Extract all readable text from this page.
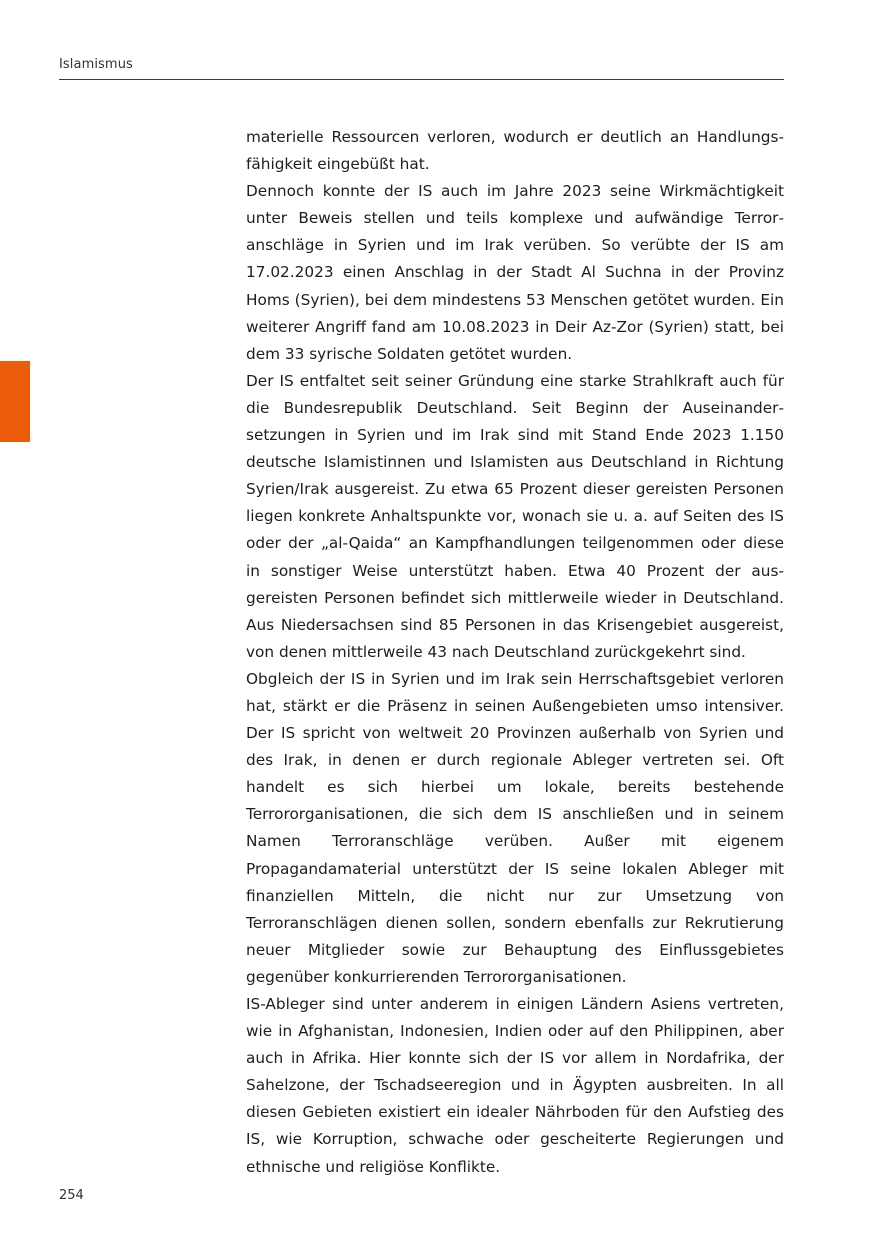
Islamismus

materielle Ressourcen verloren, wodurch er deutlich an Handlungsfähigkeit eingebüßt hat.

Dennoch konnte der IS auch im Jahre 2023 seine Wirkmächtigkeit unter Beweis stellen und teils komplexe und aufwändige Terroranschläge in Syrien und im Irak verüben. So verübte der IS am 17.02.2023 einen Anschlag in der Stadt Al Suchna in der Provinz Homs (Syrien), bei dem mindestens 53 Menschen getötet wurden. Ein weiterer Angriff fand am 10.08.2023 in Deir Az-Zor (Syrien) statt, bei dem 33 syrische Soldaten getötet wurden.

Der IS entfaltet seit seiner Gründung eine starke Strahlkraft auch für die Bundesrepublik Deutschland. Seit Beginn der Auseinandersetzungen in Syrien und im Irak sind mit Stand Ende 2023 1.150 deutsche Islamistinnen und Islamisten aus Deutschland in Richtung Syrien/Irak ausgereist. Zu etwa 65 Prozent dieser gereisten Personen liegen konkrete Anhaltspunkte vor, wonach sie u. a. auf Seiten des IS oder der „al-Qaida“ an Kampfhandlungen teilgenommen oder diese in sonstiger Weise unterstützt haben. Etwa 40 Prozent der ausgereisten Personen befindet sich mittlerweile wieder in Deutschland. Aus Niedersachsen sind 85 Personen in das Krisengebiet ausgereist, von denen mittlerweile 43 nach Deutschland zurückgekehrt sind.

Obgleich der IS in Syrien und im Irak sein Herrschaftsgebiet verloren hat, stärkt er die Präsenz in seinen Außengebieten umso intensiver. Der IS spricht von weltweit 20 Provinzen außerhalb von Syrien und des Irak, in denen er durch regionale Ableger vertreten sei. Oft handelt es sich hierbei um lokale, bereits bestehende Terrororganisationen, die sich dem IS anschließen und in seinem Namen Terroranschläge verüben. Außer mit eigenem Propagandamaterial unterstützt der IS seine lokalen Ableger mit finanziellen Mitteln, die nicht nur zur Umsetzung von Terroranschlägen dienen sollen, sondern ebenfalls zur Rekrutierung neuer Mitglieder sowie zur Behauptung des Einflussgebietes gegenüber konkurrierenden Terrororganisationen.

IS-Ableger sind unter anderem in einigen Ländern Asiens vertreten, wie in Afghanistan, Indonesien, Indien oder auf den Philippinen, aber auch in Afrika. Hier konnte sich der IS vor allem in Nordafrika, der Sahelzone, der Tschadseeregion und in Ägypten ausbreiten. In all diesen Gebieten existiert ein idealer Nährboden für den Aufstieg des IS, wie Korruption, schwache oder gescheiterte Regierungen und ethnische und religiöse Konflikte.

254
